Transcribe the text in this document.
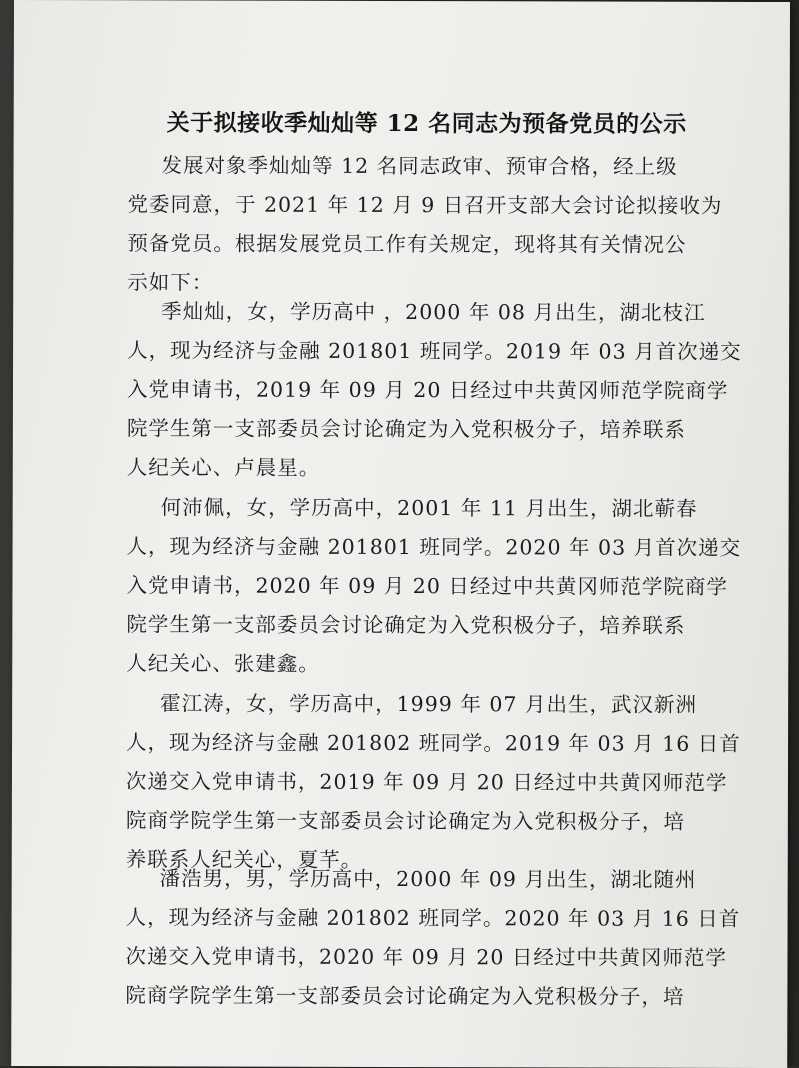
关于拟接收季灿灿等 12 名同志为预备党员的公示
发展对象季灿灿等 12 名同志政审、预审合格，经上级
党委同意，于 2021 年 12 月 9 日召开支部大会讨论拟接收为
预备党员。根据发展党员工作有关规定，现将其有关情况公
示如下：
季灿灿，女，学历高中 ，2000 年 08 月出生，湖北枝江
人，现为经济与金融 201801 班同学。2019 年 03 月首次递交
入党申请书，2019 年 09 月 20 日经过中共黄冈师范学院商学
院学生第一支部委员会讨论确定为入党积极分子，培养联系
人纪关心、卢晨星。
何沛佩，女，学历高中，2001 年 11 月出生，湖北蕲春
人，现为经济与金融 201801 班同学。2020 年 03 月首次递交
入党申请书，2020 年 09 月 20 日经过中共黄冈师范学院商学
院学生第一支部委员会讨论确定为入党积极分子，培养联系
人纪关心、张建鑫。
霍江涛，女，学历高中，1999 年 07 月出生，武汉新洲
人，现为经济与金融 201802 班同学。2019 年 03 月 16 日首
次递交入党申请书，2019 年 09 月 20 日经过中共黄冈师范学
院商学院学生第一支部委员会讨论确定为入党积极分子，培
养联系人纪关心，夏芊。
潘浩男，男，学历高中，2000 年 09 月出生，湖北随州
人，现为经济与金融 201802 班同学。2020 年 03 月 16 日首
次递交入党申请书，2020 年 09 月 20 日经过中共黄冈师范学
院商学院学生第一支部委员会讨论确定为入党积极分子，培
